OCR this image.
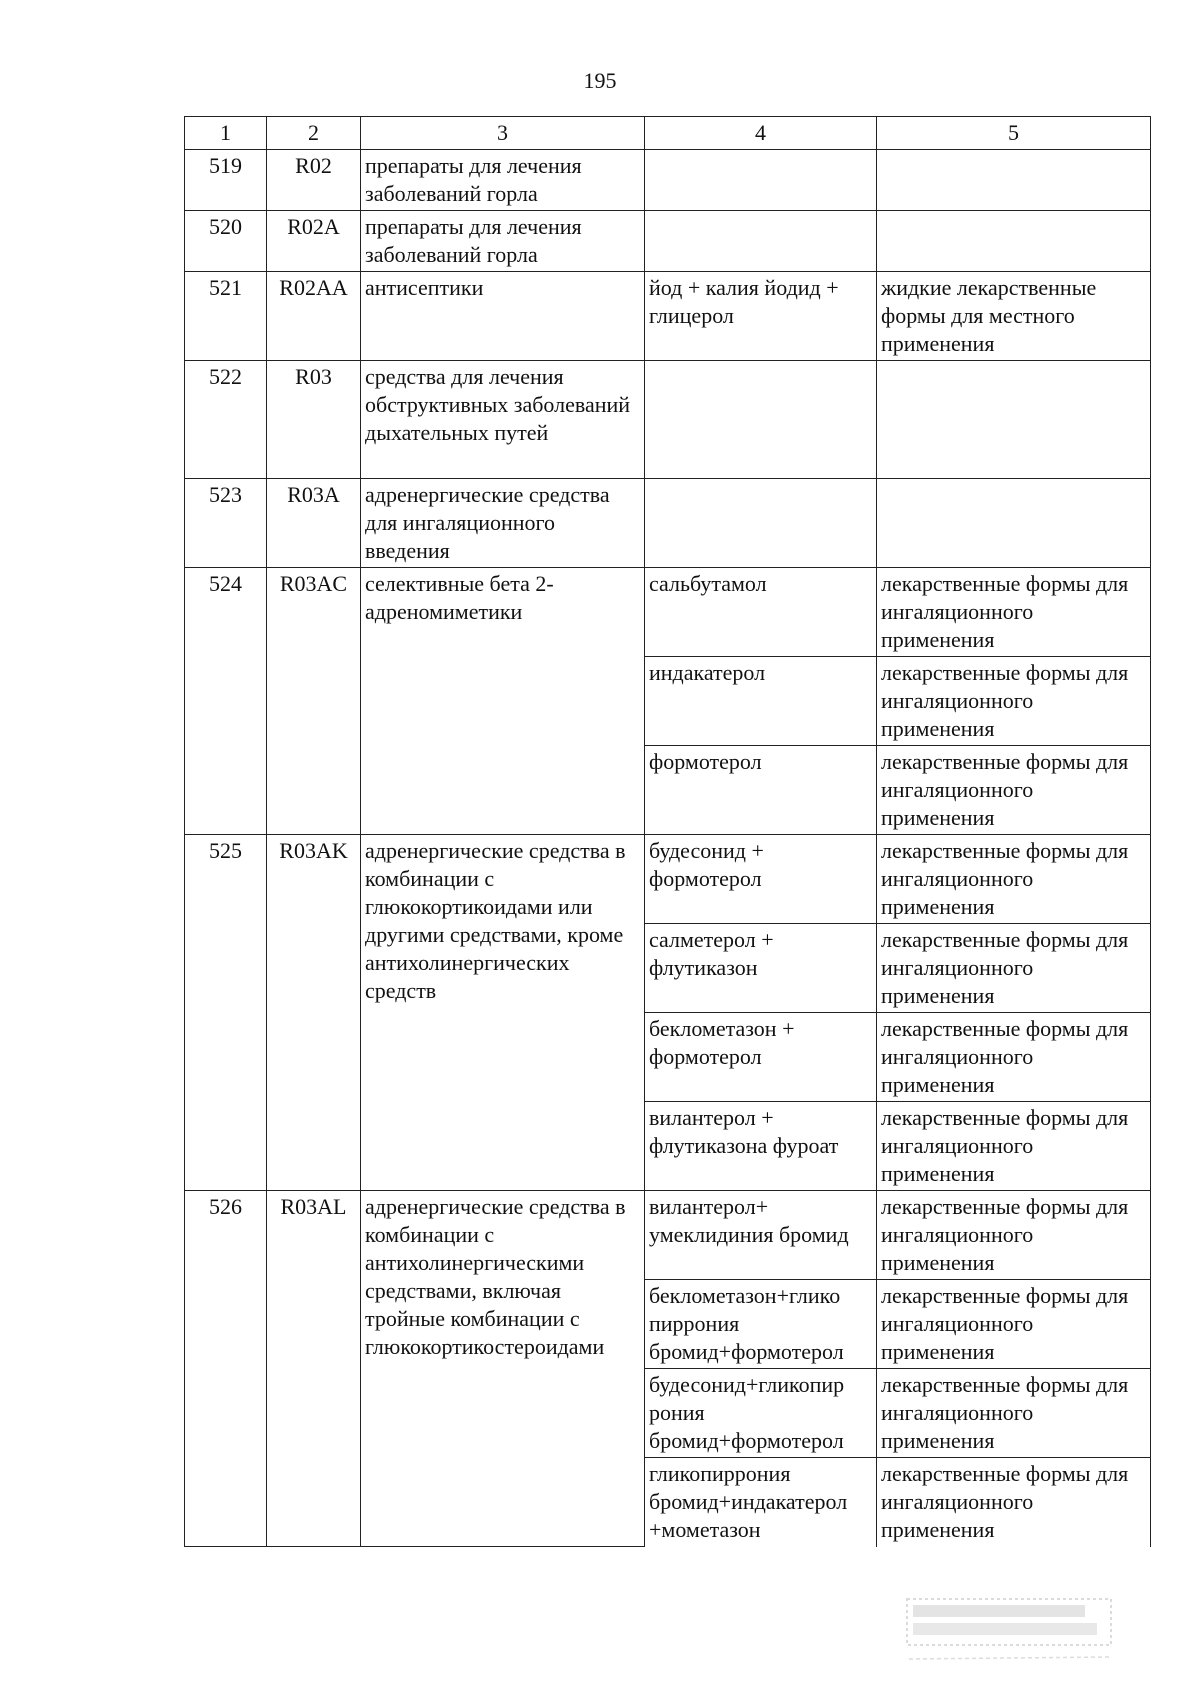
195
1	2	3	4	5
519	R02	препараты для лечения заболеваний горла		
520	R02A	препараты для лечения заболеваний горла		
521	R02AA	антисептики	йод + калия йодид + глицерол	жидкие лекарственные формы для местного применения
522	R03	средства для лечения обструктивных заболеваний дыхательных путей		
523	R03A	адренергические средства для ингаляционного введения		
524	R03AC	селективные бета 2-адреномиметики	сальбутамол	лекарственные формы для ингаляционного применения
			индакатерол	лекарственные формы для ингаляционного применения
			формотерол	лекарственные формы для ингаляционного применения
525	R03AK	адренергические средства в комбинации с глюкокортикоидами или другими средствами, кроме антихолинергических средств	будесонид + формотерол	лекарственные формы для ингаляционного применения
			салметерол + флутиказон	лекарственные формы для ингаляционного применения
			беклометазон + формотерол	лекарственные формы для ингаляционного применения
			вилантерол + флутиказона фуроат	лекарственные формы для ингаляционного применения
526	R03AL	адренергические средства в комбинации с антихолинергическими средствами, включая тройные комбинации с глюкокортикостероидами	вилантерол+ умеклидиния бромид	лекарственные формы для ингаляционного применения
			беклометазон+глико пиррония бромид+формотерол	лекарственные формы для ингаляционного применения
			будесонид+гликопир рония бромид+формотерол	лекарственные формы для ингаляционного применения
			гликопиррония бромид+индакатерол +мометазон	лекарственные формы для ингаляционного применения
